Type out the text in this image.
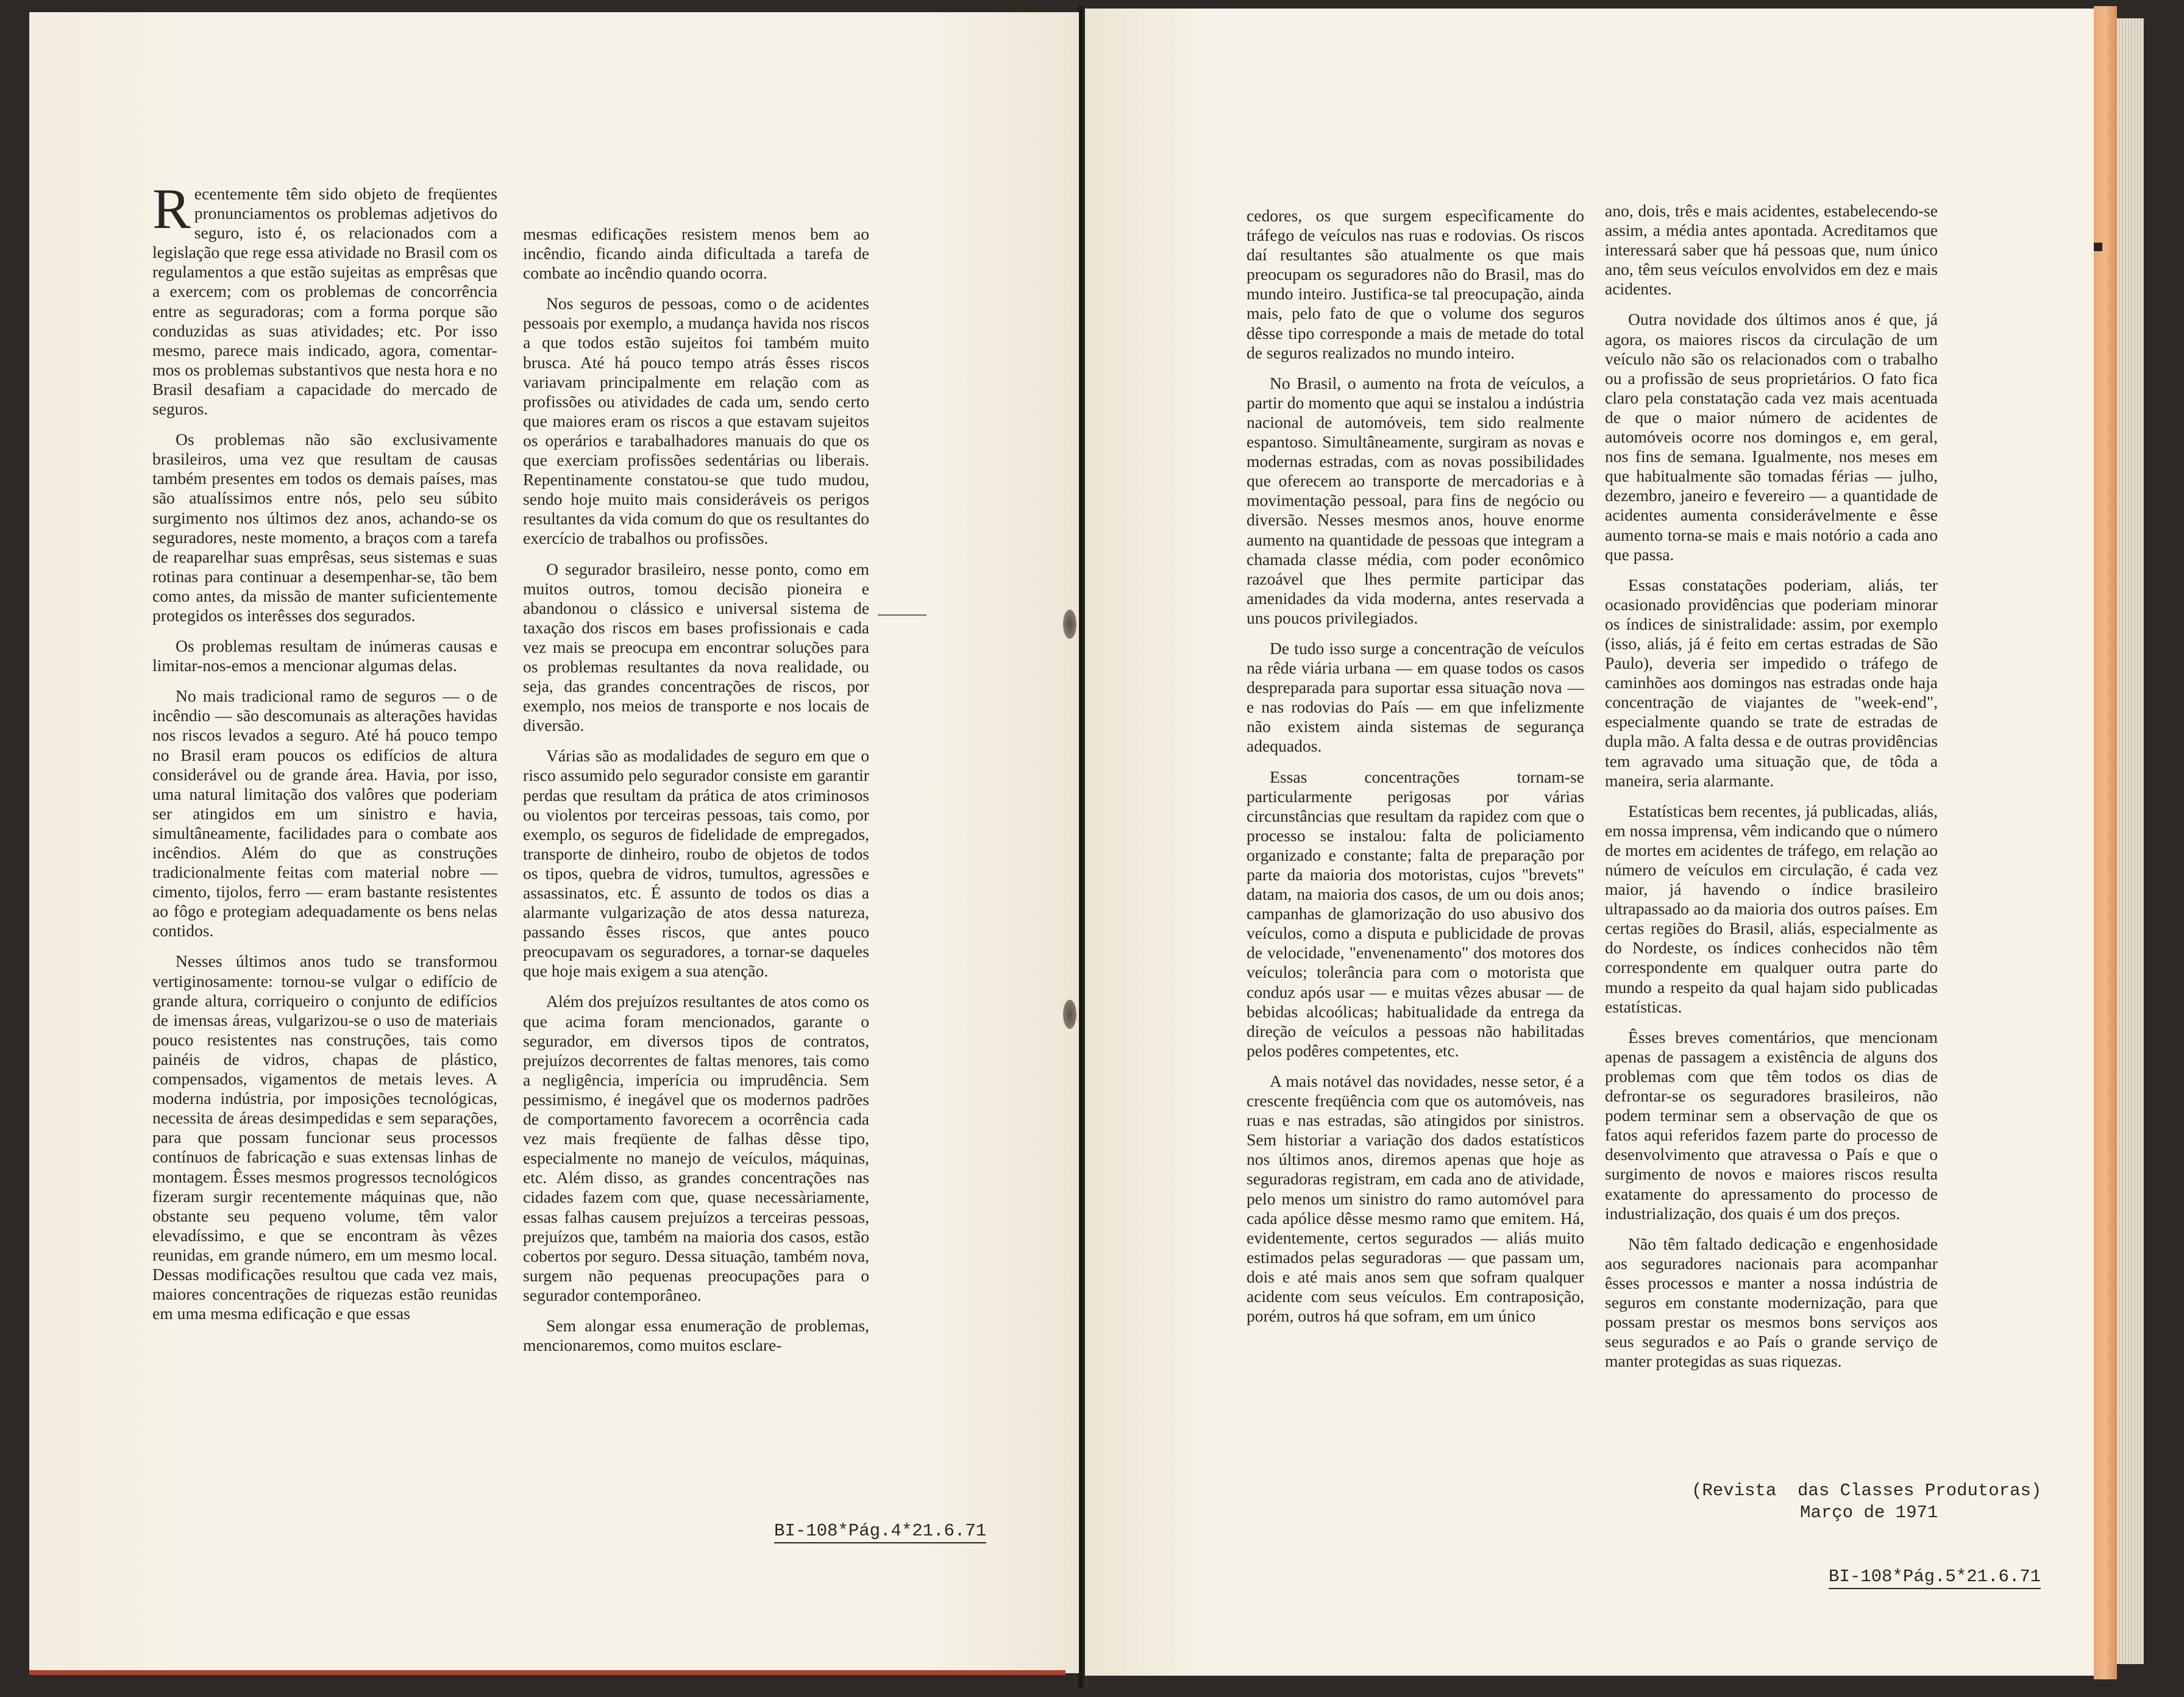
Recentemente têm sido objeto de freqüentes pronunciamentos os problemas adjetivos do seguro, isto é, os relacionados com a legislação que rege essa atividade no Brasil com os regulamentos a que estão sujeitas as emprêsas que a exercem; com os problemas de concorrência entre as seguradoras; com a forma porque são conduzidas as suas atividades; etc. Por isso mesmo, parece mais indicado, agora, comentar-mos os problemas substantivos que nesta hora e no Brasil desafiam a capacidade do mercado de seguros.

Os problemas não são exclusivamente brasileiros, uma vez que resultam de causas também presentes em todos os demais países, mas são atualíssimos entre nós, pelo seu súbito surgimento nos últimos dez anos, achando-se os seguradores, neste momento, a braços com a tarefa de reaparelhar suas emprêsas, seus sistemas e suas rotinas para continuar a desempenhar-se, tão bem como antes, da missão de manter suficientemente protegidos os interêsses dos segurados.

Os problemas resultam de inúmeras causas e limitar-nos-emos a mencionar algumas delas.

No mais tradicional ramo de seguros — o de incêndio — são descomunais as alterações havidas nos riscos levados a seguro. Até há pouco tempo no Brasil eram poucos os edifícios de altura considerável ou de grande área. Havia, por isso, uma natural limitação dos valôres que poderiam ser atingidos em um sinistro e havia, simultâneamente, facilidades para o combate aos incêndios. Além do que as construções tradicionalmente feitas com material nobre — cimento, tijolos, ferro — eram bastante resistentes ao fôgo e protegiam adequadamente os bens nelas contidos.

Nesses últimos anos tudo se transformou vertiginosamente: tornou-se vulgar o edifício de grande altura, corriqueiro o conjunto de edifícios de imensas áreas, vulgarizou-se o uso de materiais pouco resistentes nas construções, tais como painéis de vidros, chapas de plástico, compensados, vigamentos de metais leves. A moderna indústria, por imposições tecnológicas, necessita de áreas desimpedidas e sem separações, para que possam funcionar seus processos contínuos de fabricação e suas extensas linhas de montagem. Êsses mesmos progressos tecnológicos fizeram surgir recentemente máquinas que, não obstante seu pequeno volume, têm valor elevadíssimo, e que se encontram às vêzes reunidas, em grande número, em um mesmo local. Dessas modificações resultou que cada vez mais, maiores concentrações de riquezas estão reunidas em uma mesma edificação e que essas

mesmas edificações resistem menos bem ao incêndio, ficando ainda dificultada a tarefa de combate ao incêndio quando ocorra.

Nos seguros de pessoas, como o de acidentes pessoais por exemplo, a mudança havida nos riscos a que todos estão sujeitos foi também muito brusca. Até há pouco tempo atrás êsses riscos variavam principalmente em relação com as profissões ou atividades de cada um, sendo certo que maiores eram os riscos a que estavam sujeitos os operários e tarabalhadores manuais do que os que exerciam profissões sedentárias ou liberais. Repentinamente constatou-se que tudo mudou, sendo hoje muito mais consideráveis os perigos resultantes da vida comum do que os resultantes do exercício de trabalhos ou profissões.

O segurador brasileiro, nesse ponto, como em muitos outros, tomou decisão pioneira e abandonou o clássico e universal sistema de taxação dos riscos em bases profissionais e cada vez mais se preocupa em encontrar soluções para os problemas resultantes da nova realidade, ou seja, das grandes concentrações de riscos, por exemplo, nos meios de transporte e nos locais de diversão.

Várias são as modalidades de seguro em que o risco assumido pelo segurador consiste em garantir perdas que resultam da prática de atos criminosos ou violentos por terceiras pessoas, tais como, por exemplo, os seguros de fidelidade de empregados, transporte de dinheiro, roubo de objetos de todos os tipos, quebra de vidros, tumultos, agressões e assassinatos, etc. É assunto de todos os dias a alarmante vulgarização de atos dessa natureza, passando êsses riscos, que antes pouco preocupavam os seguradores, a tornar-se daqueles que hoje mais exigem a sua atenção.

Além dos prejuízos resultantes de atos como os que acima foram mencionados, garante o segurador, em diversos tipos de contratos, prejuízos decorrentes de faltas menores, tais como a negligência, imperícia ou imprudência. Sem pessimismo, é inegável que os modernos padrões de comportamento favorecem a ocorrência cada vez mais freqüente de falhas dêsse tipo, especialmente no manejo de veículos, máquinas, etc. Além disso, as grandes concentrações nas cidades fazem com que, quase necessàriamente, essas falhas causem prejuízos a terceiras pessoas, prejuízos que, também na maioria dos casos, estão cobertos por seguro. Dessa situação, também nova, surgem não pequenas preocupações para o segurador contemporâneo.

Sem alongar essa enumeração de problemas, mencionaremos, como muitos esclare-

BI-108*Pág.4*21.6.71

cedores, os que surgem especìficamente do tráfego de veículos nas ruas e rodovias. Os riscos daí resultantes são atualmente os que mais preocupam os seguradores não do Brasil, mas do mundo inteiro. Justifica-se tal preocupação, ainda mais, pelo fato de que o volume dos seguros dêsse tipo corresponde a mais de metade do total de seguros realizados no mundo inteiro.

No Brasil, o aumento na frota de veículos, a partir do momento que aqui se instalou a indústria nacional de automóveis, tem sido realmente espantoso. Simultâneamente, surgiram as novas e modernas estradas, com as novas possibilidades que oferecem ao transporte de mercadorias e à movimentação pessoal, para fins de negócio ou diversão. Nesses mesmos anos, houve enorme aumento na quantidade de pessoas que integram a chamada classe média, com poder econômico razoável que lhes permite participar das amenidades da vida moderna, antes reservada a uns poucos privilegiados.

De tudo isso surge a concentração de veículos na rêde viária urbana — em quase todos os casos despreparada para suportar essa situação nova — e nas rodovias do País — em que infelizmente não existem ainda sistemas de segurança adequados.

Essas concentrações tornam-se particularmente perigosas por várias circunstâncias que resultam da rapidez com que o processo se instalou: falta de policiamento organizado e constante; falta de preparação por parte da maioria dos motoristas, cujos "brevets" datam, na maioria dos casos, de um ou dois anos; campanhas de glamorização do uso abusivo dos veículos, como a disputa e publicidade de provas de velocidade, "envenenamento" dos motores dos veículos; tolerância para com o motorista que conduz após usar — e muitas vêzes abusar — de bebidas alcoólicas; habitualidade da entrega da direção de veículos a pessoas não habilitadas pelos podêres competentes, etc.

A mais notável das novidades, nesse setor, é a crescente freqüência com que os automóveis, nas ruas e nas estradas, são atingidos por sinistros. Sem historiar a variação dos dados estatísticos nos últimos anos, diremos apenas que hoje as seguradoras registram, em cada ano de atividade, pelo menos um sinistro do ramo automóvel para cada apólice dêsse mesmo ramo que emitem. Há, evidentemente, certos segurados — aliás muito estimados pelas seguradoras — que passam um, dois e até mais anos sem que sofram qualquer acidente com seus veículos. Em contraposição, porém, outros há que sofram, em um único

ano, dois, três e mais acidentes, estabelecendo-se assim, a média antes apontada. Acreditamos que interessará saber que há pessoas que, num único ano, têm seus veículos envolvidos em dez e mais acidentes.

Outra novidade dos últimos anos é que, já agora, os maiores riscos da circulação de um veículo não são os relacionados com o trabalho ou a profissão de seus proprietários. O fato fica claro pela constatação cada vez mais acentuada de que o maior número de acidentes de automóveis ocorre nos domingos e, em geral, nos fins de semana. Igualmente, nos meses em que habitualmente são tomadas férias — julho, dezembro, janeiro e fevereiro — a quantidade de acidentes aumenta considerávelmente e êsse aumento torna-se mais e mais notório a cada ano que passa.

Essas constatações poderiam, aliás, ter ocasionado providências que poderiam minorar os índices de sinistralidade: assim, por exemplo (isso, aliás, já é feito em certas estradas de São Paulo), deveria ser impedido o tráfego de caminhões aos domingos nas estradas onde haja concentração de viajantes de "week-end", especialmente quando se trate de estradas de dupla mão. A falta dessa e de outras providências tem agravado uma situação que, de tôda a maneira, seria alarmante.

Estatísticas bem recentes, já publicadas, aliás, em nossa imprensa, vêm indicando que o número de mortes em acidentes de tráfego, em relação ao número de veículos em circulação, é cada vez maior, já havendo o índice brasileiro ultrapassado ao da maioria dos outros países. Em certas regiões do Brasil, aliás, especialmente as do Nordeste, os índices conhecidos não têm correspondente em qualquer outra parte do mundo a respeito da qual hajam sido publicadas estatísticas.

Êsses breves comentários, que mencionam apenas de passagem a existência de alguns dos problemas com que têm todos os dias de defrontar-se os seguradores brasileiros, não podem terminar sem a observação de que os fatos aqui referidos fazem parte do processo de desenvolvimento que atravessa o País e que o surgimento de novos e maiores riscos resulta exatamente do apressamento do processo de industrialização, dos quais é um dos preços.

Não têm faltado dedicação e engenhosidade aos seguradores nacionais para acompanhar êsses processos e manter a nossa indústria de seguros em constante modernização, para que possam prestar os mesmos bons serviços aos seus segurados e ao País o grande serviço de manter protegidas as suas riquezas.

(Revista  das Classes Produtoras)
Março de 1971
BI-108*Pág.5*21.6.71
